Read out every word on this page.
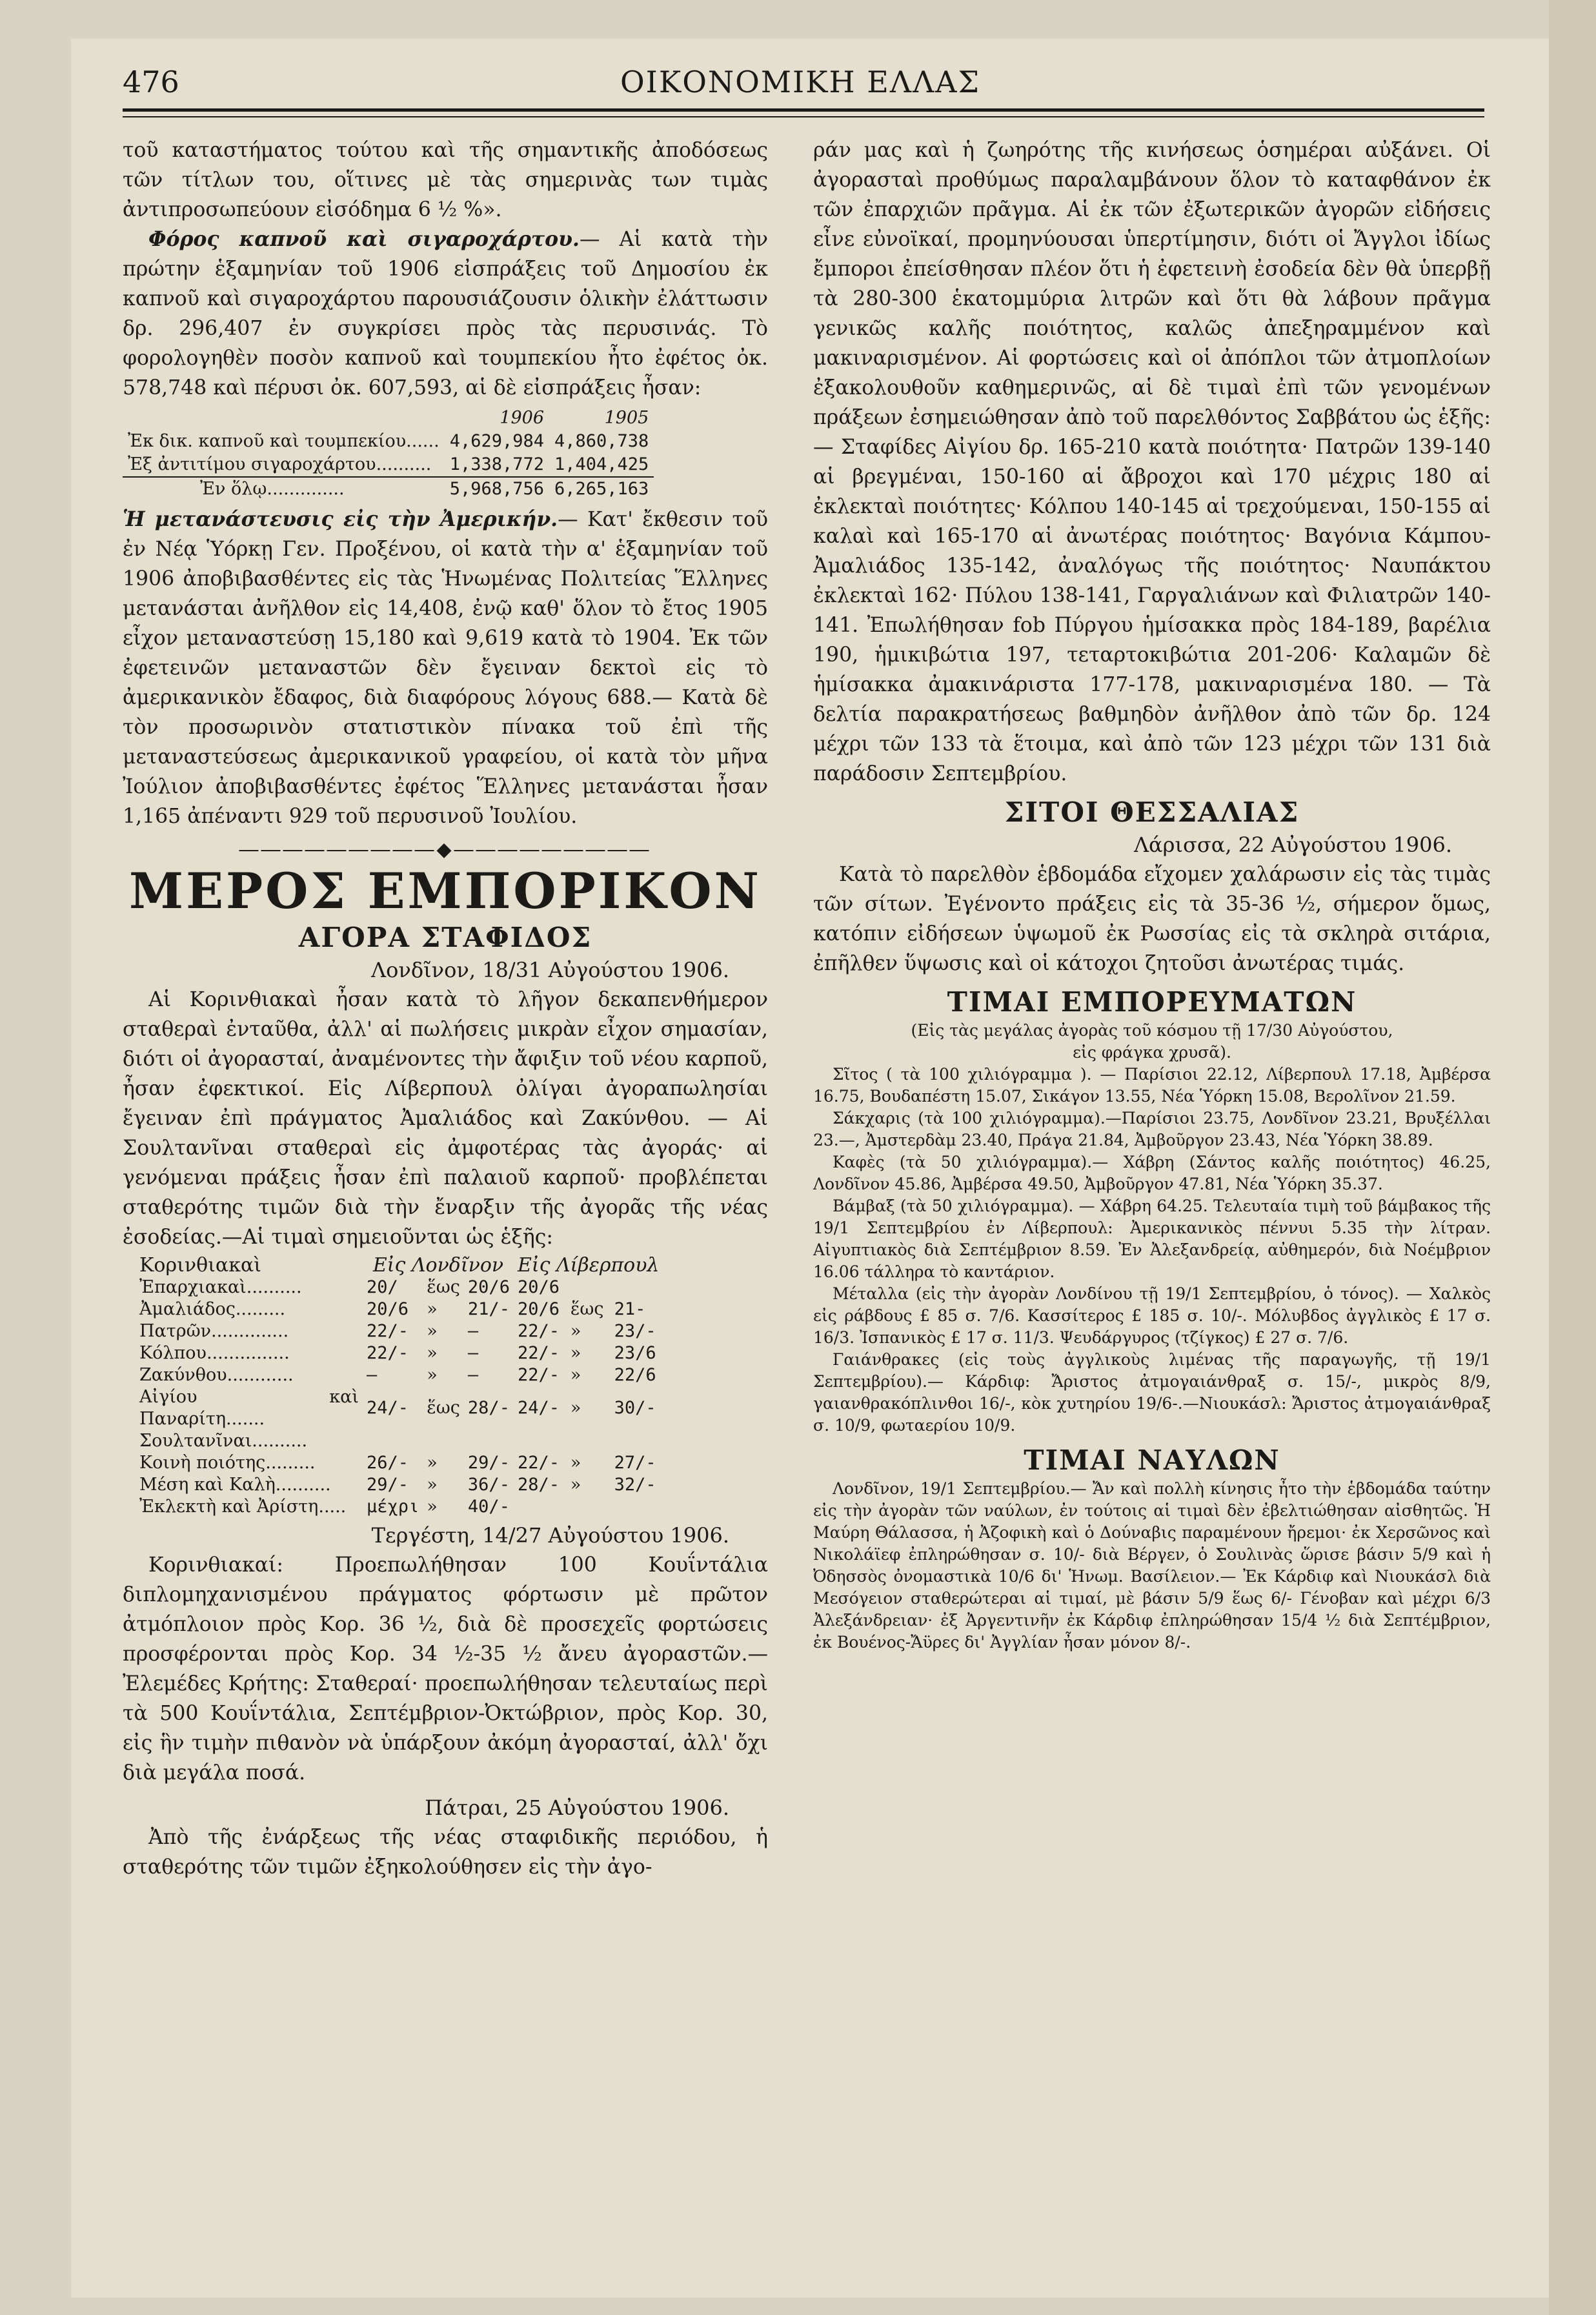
476	ΟΙΚΟΝΟΜΙΚΗ ΕΛΛΑΣ

τοῦ καταστήματος τούτου καὶ τῆς σημαντικῆς ἀποδόσεως τῶν τίτλων του, οἵτινες μὲ τὰς σημερινὰς των τιμὰς ἀντιπροσωπεύουν εἰσόδημα 6 ½ %».

Φόρος καπνοῦ καὶ σιγαροχάρτου.— Αἱ κατὰ τὴν πρώτην ἑξαμηνίαν τοῦ 1906 εἰσπράξεις τοῦ Δημοσίου ἐκ καπνοῦ καὶ σιγαροχάρτου παρουσιάζουσιν ὁλικὴν ἐλάττωσιν δρ. 296,407 ἐν συγκρίσει πρὸς τὰς περυσινάς. Τὸ φορολογηθὲν ποσὸν καπνοῦ καὶ τουμπεκίου ἦτο ἐφέτος ὀκ. 578,748 καὶ πέρυσι ὀκ. 607,593, αἱ δὲ εἰσπράξεις ἦσαν:

	1906	1905
Ἐκ δικ. καπνοῦ καὶ τουμπεκίου......	4,629,984	4,860,738
Ἐξ ἀντιτίμου σιγαροχάρτου..........	1,338,772	1,404,425
Ἐν ὅλῳ..............	5,968,756	6,265,163

Ἡ μετανάστευσις εἰς τὴν Ἀμερικήν.— Κατ' ἔκθεσιν τοῦ ἐν Νέᾳ Ὑόρκῃ Γεν. Προξένου, οἱ κατὰ τὴν α' ἑξαμηνίαν τοῦ 1906 ἀποβιβασθέντες εἰς τὰς Ἡνωμένας Πολιτείας Ἕλληνες μετανάσται ἀνῆλθον εἰς 14,408, ἐνῷ καθ' ὅλον τὸ ἔτος 1905 εἶχον μεταναστεύσῃ 15,180 καὶ 9,619 κατὰ τὸ 1904. Ἐκ τῶν ἐφετεινῶν μεταναστῶν δὲν ἔγειναν δεκτοὶ εἰς τὸ ἀμερικανικὸν ἔδαφος, διὰ διαφόρους λόγους 688.— Κατὰ δὲ τὸν προσωρινὸν στατιστικὸν πίνακα τοῦ ἐπὶ τῆς μεταναστεύσεως ἀμερικανικοῦ γραφείου, οἱ κατὰ τὸν μῆνα Ἰούλιον ἀποβιβασθέντες ἐφέτος Ἕλληνες μετανάσται ἦσαν 1,165 ἀπέναντι 929 τοῦ περυσινοῦ Ἰουλίου.

―――――――――◆―――――――――
ΜΕΡΟΣ ΕΜΠΟΡΙΚΟΝ
ΑΓΟΡΑ ΣΤΑΦΙΔΟΣ
Λονδῖνον, 18/31 Αὐγούστου 1906.

Αἱ Κορινθιακαὶ ἦσαν κατὰ τὸ λῆγον δεκαπενθήμερον σταθεραὶ ἐνταῦθα, ἀλλ' αἱ πωλήσεις μικρὰν εἶχον σημασίαν, διότι οἱ ἀγορασταί, ἀναμένοντες τὴν ἄφιξιν τοῦ νέου καρποῦ, ἦσαν ἐφεκτικοί. Εἰς Λίβερπουλ ὀλίγαι ἀγοραπωλησίαι ἔγειναν ἐπὶ πράγματος Ἀμαλιάδος καὶ Ζακύνθου. — Αἱ Σουλτανῖναι σταθεραὶ εἰς ἀμφοτέρας τὰς ἀγοράς· αἱ γενόμεναι πράξεις ἦσαν ἐπὶ παλαιοῦ καρποῦ· προβλέπεται σταθερότης τιμῶν διὰ τὴν ἔναρξιν τῆς ἀγορᾶς τῆς νέας ἐσοδείας.—Αἱ τιμαὶ σημειοῦνται ὡς ἑξῆς:

Κορινθιακαὶ	Εἰς Λονδῖνον			Εἰς Λίβερπουλ		
Ἐπαρχιακαὶ..........	20/	ἕως	20/6	20/6		
Ἀμαλιάδος.........	20/6	»	21/-	20/6	ἕως	21-
Πατρῶν..............	22/-	»	—	22/-	»	23/-
Κόλπου...............	22/-	»	—	22/-	»	23/6
Ζακύνθου............	—	»	—	22/-	»	22/6
Αἰγίου καὶ Παναρίτη.......	24/-	ἕως	28/-	24/-	»	30/-
Σουλτανῖναι..........						
Κοινὴ ποιότης.........	26/-	»	29/-	22/-	»	27/-
Μέση καὶ Καλὴ..........	29/-	»	36/-	28/-	»	32/-
Ἐκλεκτὴ καὶ Ἀρίστη.....	μέχρι	»	40/-			
Τεργέστη, 14/27 Αὐγούστου 1906.

Κορινθιακαί: Προεπωλήθησαν 100 Κουΐντάλια διπλομηχανισμένου πράγματος φόρτωσιν μὲ πρῶτον ἀτμόπλοιον πρὸς Κορ. 36 ½, διὰ δὲ προσεχεῖς φορτώσεις προσφέρονται πρὸς Κορ. 34 ½-35 ½ ἄνευ ἀγοραστῶν.— Ἐλεμέδες Κρήτης: Σταθεραί· προεπωλήθησαν τελευταίως περὶ τὰ 500 Κουΐντάλια, Σεπτέμβριον-Ὀκτώβριον, πρὸς Κορ. 30, εἰς ἣν τιμὴν πιθανὸν νὰ ὑπάρξουν ἀκόμη ἀγορασταί, ἀλλ' ὄχι διὰ μεγάλα ποσά.

Πάτραι, 25 Αὐγούστου 1906.

Ἀπὸ τῆς ἐνάρξεως τῆς νέας σταφιδικῆς περιόδου, ἡ σταθερότης τῶν τιμῶν ἐξηκολούθησεν εἰς τὴν ἀγο-

ράν μας καὶ ἡ ζωηρότης τῆς κινήσεως ὁσημέραι αὐξάνει. Οἱ ἀγορασταὶ προθύμως παραλαμβάνουν ὅλον τὸ καταφθάνον ἐκ τῶν ἐπαρχιῶν πρᾶγμα. Αἱ ἐκ τῶν ἐξωτερικῶν ἀγορῶν εἰδήσεις εἶνε εὐνοϊκαί, προμηνύουσαι ὑπερτίμησιν, διότι οἱ Ἄγγλοι ἰδίως ἔμποροι ἐπείσθησαν πλέον ὅτι ἡ ἐφετεινὴ ἐσοδεία δὲν θὰ ὑπερβῇ τὰ 280-300 ἑκατομμύρια λιτρῶν καὶ ὅτι θὰ λάβουν πρᾶγμα γενικῶς καλῆς ποιότητος, καλῶς ἀπεξηραμμένον καὶ μακιναρισμένον. Αἱ φορτώσεις καὶ οἱ ἀπόπλοι τῶν ἀτμοπλοίων ἐξακολουθοῦν καθημερινῶς, αἱ δὲ τιμαὶ ἐπὶ τῶν γενομένων πράξεων ἐσημειώθησαν ἀπὸ τοῦ παρελθόντος Σαββάτου ὡς ἑξῆς: — Σταφίδες Αἰγίου δρ. 165-210 κατὰ ποιότητα· Πατρῶν 139-140 αἱ βρεγμέναι, 150-160 αἱ ἄβροχοι καὶ 170 μέχρις 180 αἱ ἐκλεκταὶ ποιότητες· Κόλπου 140-145 αἱ τρεχούμεναι, 150-155 αἱ καλαὶ καὶ 165-170 αἱ ἀνωτέρας ποιότητος· Βαγόνια Κάμπου-Ἀμαλιάδος 135-142, ἀναλόγως τῆς ποιότητος· Ναυπάκτου ἐκλεκταὶ 162· Πύλου 138-141, Γαργαλιάνων καὶ Φιλιατρῶν 140-141. Ἐπωλήθησαν fob Πύργου ἡμίσακκα πρὸς 184-189, βαρέλια 190, ἡμικιβώτια 197, τεταρτοκιβώτια 201-206· Καλαμῶν δὲ ἡμίσακκα ἀμακινάριστα 177-178, μακιναρισμένα 180. — Τὰ δελτία παρακρατήσεως βαθμηδὸν ἀνῆλθον ἀπὸ τῶν δρ. 124 μέχρι τῶν 133 τὰ ἕτοιμα, καὶ ἀπὸ τῶν 123 μέχρι τῶν 131 διὰ παράδοσιν Σεπτεμβρίου.

ΣΙΤΟΙ ΘΕΣΣΑΛΙΑΣ
Λάρισσα, 22 Αὐγούστου 1906.

Κατὰ τὸ παρελθὸν ἑβδομάδα εἴχομεν χαλάρωσιν εἰς τὰς τιμὰς τῶν σίτων. Ἐγένοντο πράξεις εἰς τὰ 35-36 ½, σήμερον ὅμως, κατόπιν εἰδήσεων ὑψωμοῦ ἐκ Ρωσσίας εἰς τὰ σκληρὰ σιτάρια, ἐπῆλθεν ὕψωσις καὶ οἱ κάτοχοι ζητοῦσι ἀνωτέρας τιμάς.

ΤΙΜΑΙ ΕΜΠΟΡΕΥΜΑΤΩΝ
(Εἰς τὰς μεγάλας ἀγορὰς τοῦ κόσμου τῇ 17/30 Αὐγούστου,
εἰς φράγκα χρυσᾶ).

Σῖτος ( τὰ 100 χιλιόγραμμα ). — Παρίσιοι 22.12, Λίβερπουλ 17.18, Ἀμβέρσα 16.75, Βουδαπέστη 15.07, Σικάγον 13.55, Νέα Ὑόρκη 15.08, Βερολῖνον 21.59.

Σάκχαρις (τὰ 100 χιλιόγραμμα).—Παρίσιοι 23.75, Λονδῖνον 23.21, Βρυξέλλαι 23.—, Ἀμστερδὰμ 23.40, Πράγα 21.84, Ἀμβοῦργον 23.43, Νέα Ὑόρκη 38.89.

Καφὲς (τὰ 50 χιλιόγραμμα).— Χάβρη (Σάντος καλῆς ποιότητος) 46.25, Λονδῖνον 45.86, Ἀμβέρσα 49.50, Ἀμβοῦργον 47.81, Νέα Ὑόρκη 35.37.

Βάμβαξ (τὰ 50 χιλιόγραμμα). — Χάβρη 64.25. Τελευταία τιμὴ τοῦ βάμβακος τῆς 19/1 Σεπτεμβρίου ἐν Λίβερπουλ: Ἀμερικανικὸς πέννυι 5.35 τὴν λίτραν. Αἰγυπτιακὸς διὰ Σεπτέμβριον 8.59. Ἐν Ἀλεξανδρείᾳ, αὐθημερόν, διὰ Νοέμβριον 16.06 τάλληρα τὸ καντάριον.

Μέταλλα (εἰς τὴν ἀγορὰν Λονδίνου τῇ 19/1 Σεπτεμβρίου, ὁ τόνος). — Χαλκὸς εἰς ράβδους £ 85 σ. 7/6. Κασσίτερος £ 185 σ. 10/-. Μόλυβδος ἀγγλικὸς £ 17 σ. 16/3. Ἰσπανικὸς £ 17 σ. 11/3. Ψευδάργυρος (τζίγκος) £ 27 σ. 7/6.

Γαιάνθρακες (εἰς τοὺς ἀγγλικοὺς λιμένας τῆς παραγωγῆς, τῇ 19/1 Σεπτεμβρίου).— Κάρδιφ: Ἄριστος ἀτμογαιάνθραξ σ. 15/-, μικρὸς 8/9, γαιανθρακόπλινθοι 16/-, κὸκ χυτηρίου 19/6-.—Νιουκάσλ: Ἄριστος ἀτμογαιάνθραξ σ. 10/9, φωταερίου 10/9.

ΤΙΜΑΙ ΝΑΥΛΩΝ

Λονδῖνον, 19/1 Σεπτεμβρίου.— Ἄν καὶ πολλὴ κίνησις ἦτο τὴν ἑβδομάδα ταύτην εἰς τὴν ἀγορὰν τῶν ναύλων, ἐν τούτοις αἱ τιμαὶ δὲν ἐβελτιώθησαν αἰσθητῶς. Ἡ Μαύρη Θάλασσα, ἡ Ἀζοφικὴ καὶ ὁ Δούναβις παραμένουν ἤρεμοι· ἐκ Χερσῶνος καὶ Νικολάϊεφ ἐπληρώθησαν σ. 10/- διὰ Βέργεν, ὁ Σουλινὰς ὥρισε βάσιν 5/9 καὶ ἡ Ὀδησσὸς ὀνομαστικὰ 10/6 δι' Ἡνωμ. Βασίλειον.— Ἐκ Κάρδιφ καὶ Νιουκάσλ διὰ Μεσόγειον σταθερώτεραι αἱ τιμαί, μὲ βάσιν 5/9 ἕως 6/- Γένοβαν καὶ μέχρι 6/3 Ἀλεξάνδρειαν· ἐξ Ἀργεντινῆν ἐκ Κάρδιφ ἐπληρώθησαν 15/4 ½ διὰ Σεπτέμβριον, ἐκ Βουένος-Ἄϋρες δι' Ἀγγλίαν ἦσαν μόνον 8/-.
